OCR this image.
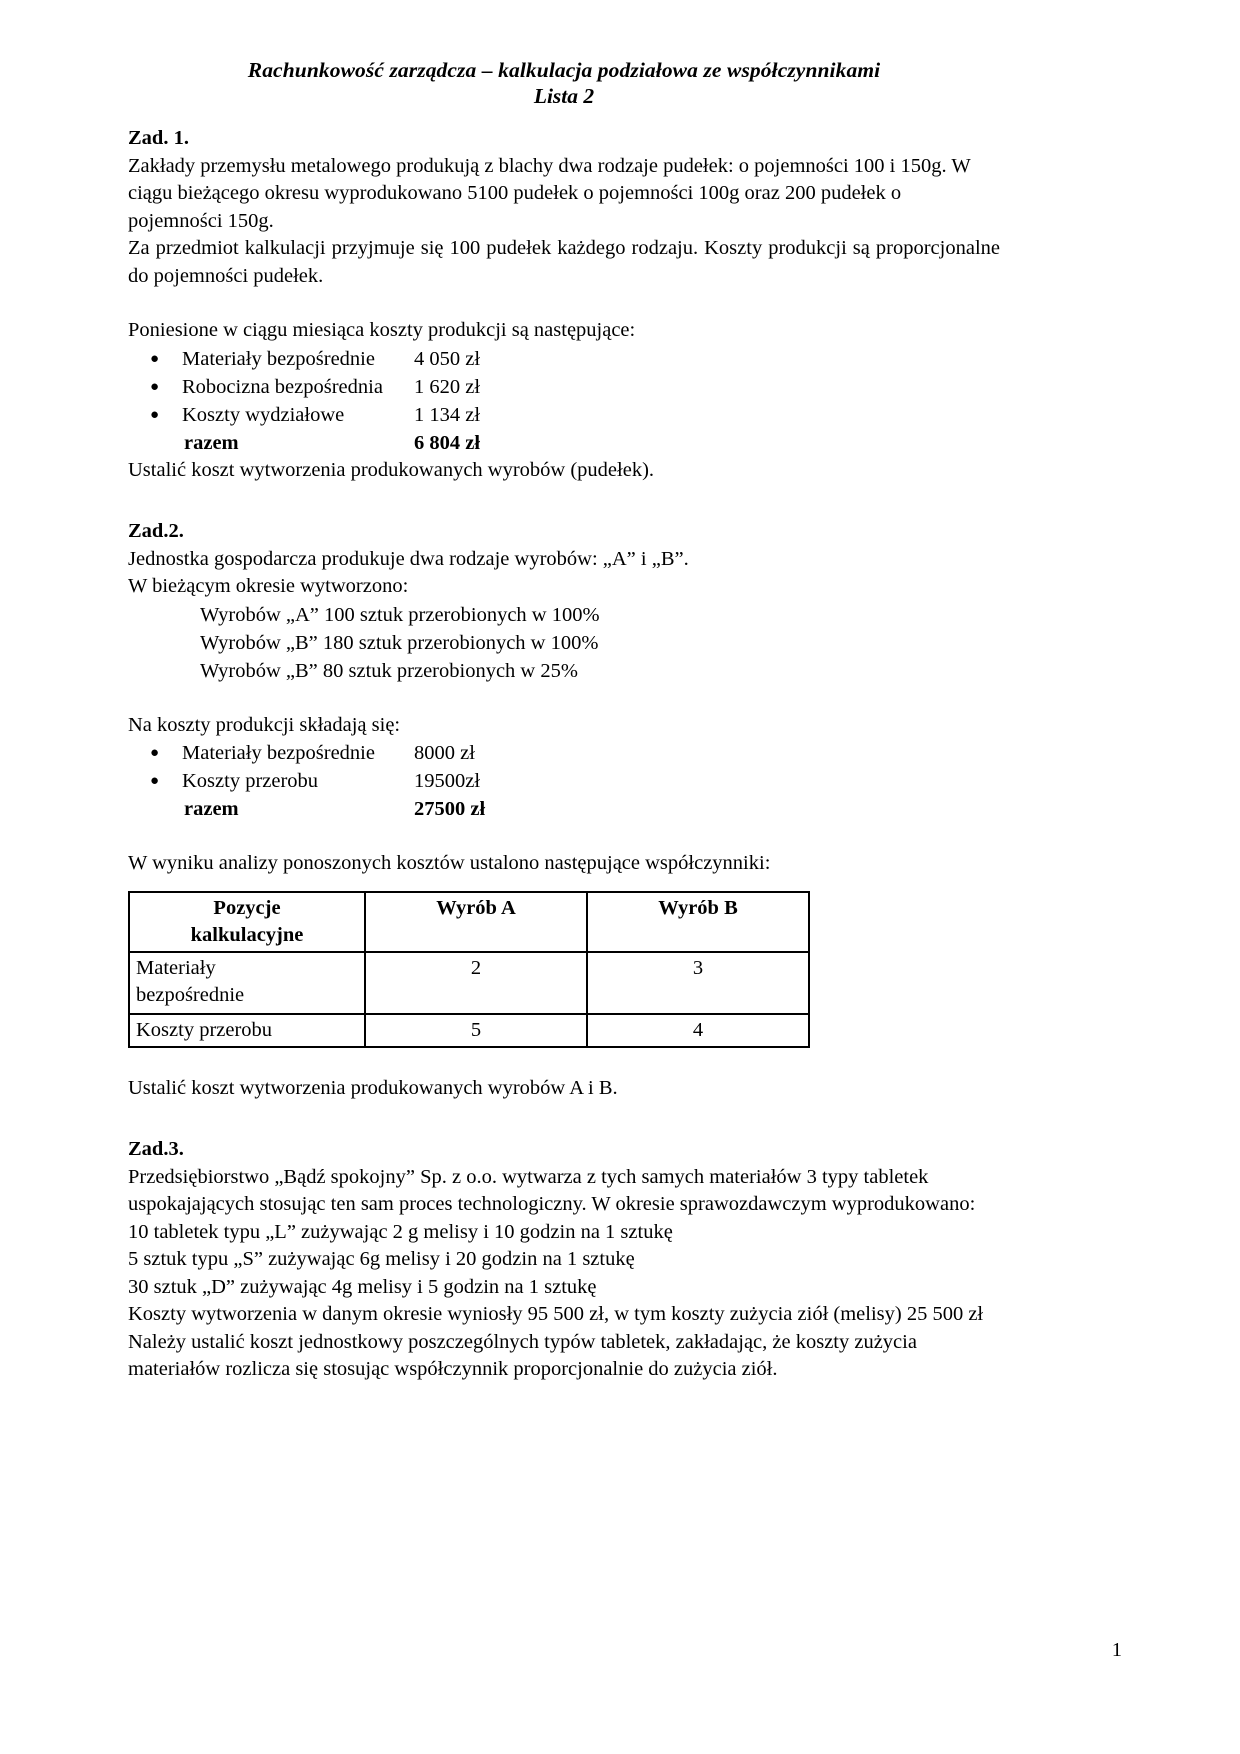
Rachunkowość zarządcza – kalkulacja podziałowa ze współczynnikami
Lista 2
Zad. 1.

Zakłady przemysłu metalowego produkują z blachy dwa rodzaje pudełek: o pojemności 100 i 150g. W ciągu bieżącego okresu wyprodukowano 5100 pudełek o pojemności 100g oraz 200 pudełek o pojemności 150g.

Za przedmiot kalkulacji przyjmuje się 100 pudełek każdego rodzaju. Koszty produkcji są proporcjonalne do pojemności pudełek.

Poniesione w ciągu miesiąca koszty produkcji są następujące:

● Materiały bezpośrednie 4 050 zł
● Robocizna bezpośrednia 1 620 zł
● Koszty wydziałowe	1 134 zł
razem	6 804 zł

Ustalić koszt wytworzenia produkowanych wyrobów (pudełek).

Zad.2.

Jednostka gospodarcza produkuje dwa rodzaje wyrobów: „A” i „B”.

W bieżącym okresie wytworzono:

Wyrobów „A” 100 sztuk przerobionych w 100%
Wyrobów „B” 180 sztuk przerobionych w 100%
Wyrobów „B” 80 sztuk przerobionych w 25%

Na koszty produkcji składają się:

● Materiały bezpośrednie 8000 zł
● Koszty przerobu	19500zł
razem	27500 zł

W wyniku analizy ponoszonych kosztów ustalono następujące współczynniki:

Pozycje
kalkulacyjne	Wyrób A	Wyrób B

Materiały
bezpośrednie	2	3
Koszty przerobu	5	4

Ustalić koszt wytworzenia produkowanych wyrobów A i B.

Zad.3.

Przedsiębiorstwo „Bądź spokojny” Sp. z o.o. wytwarza z tych samych materiałów 3 typy tabletek uspokajających stosując ten sam proces technologiczny. W okresie sprawozdawczym wyprodukowano:

10 tabletek typu „L” zużywając 2 g melisy i 10 godzin na 1 sztukę
5 sztuk typu „S” zużywając 6g melisy i 20 godzin na 1 sztukę
30 sztuk „D” zużywając 4g melisy i 5 godzin na 1 sztukę

Koszty wytworzenia w danym okresie wyniosły 95 500 zł, w tym koszty zużycia ziół (melisy) 25 500 zł

Należy ustalić koszt jednostkowy poszczególnych typów tabletek, zakładając, że koszty zużycia materiałów rozlicza się stosując współczynnik proporcjonalnie do zużycia ziół.

1
